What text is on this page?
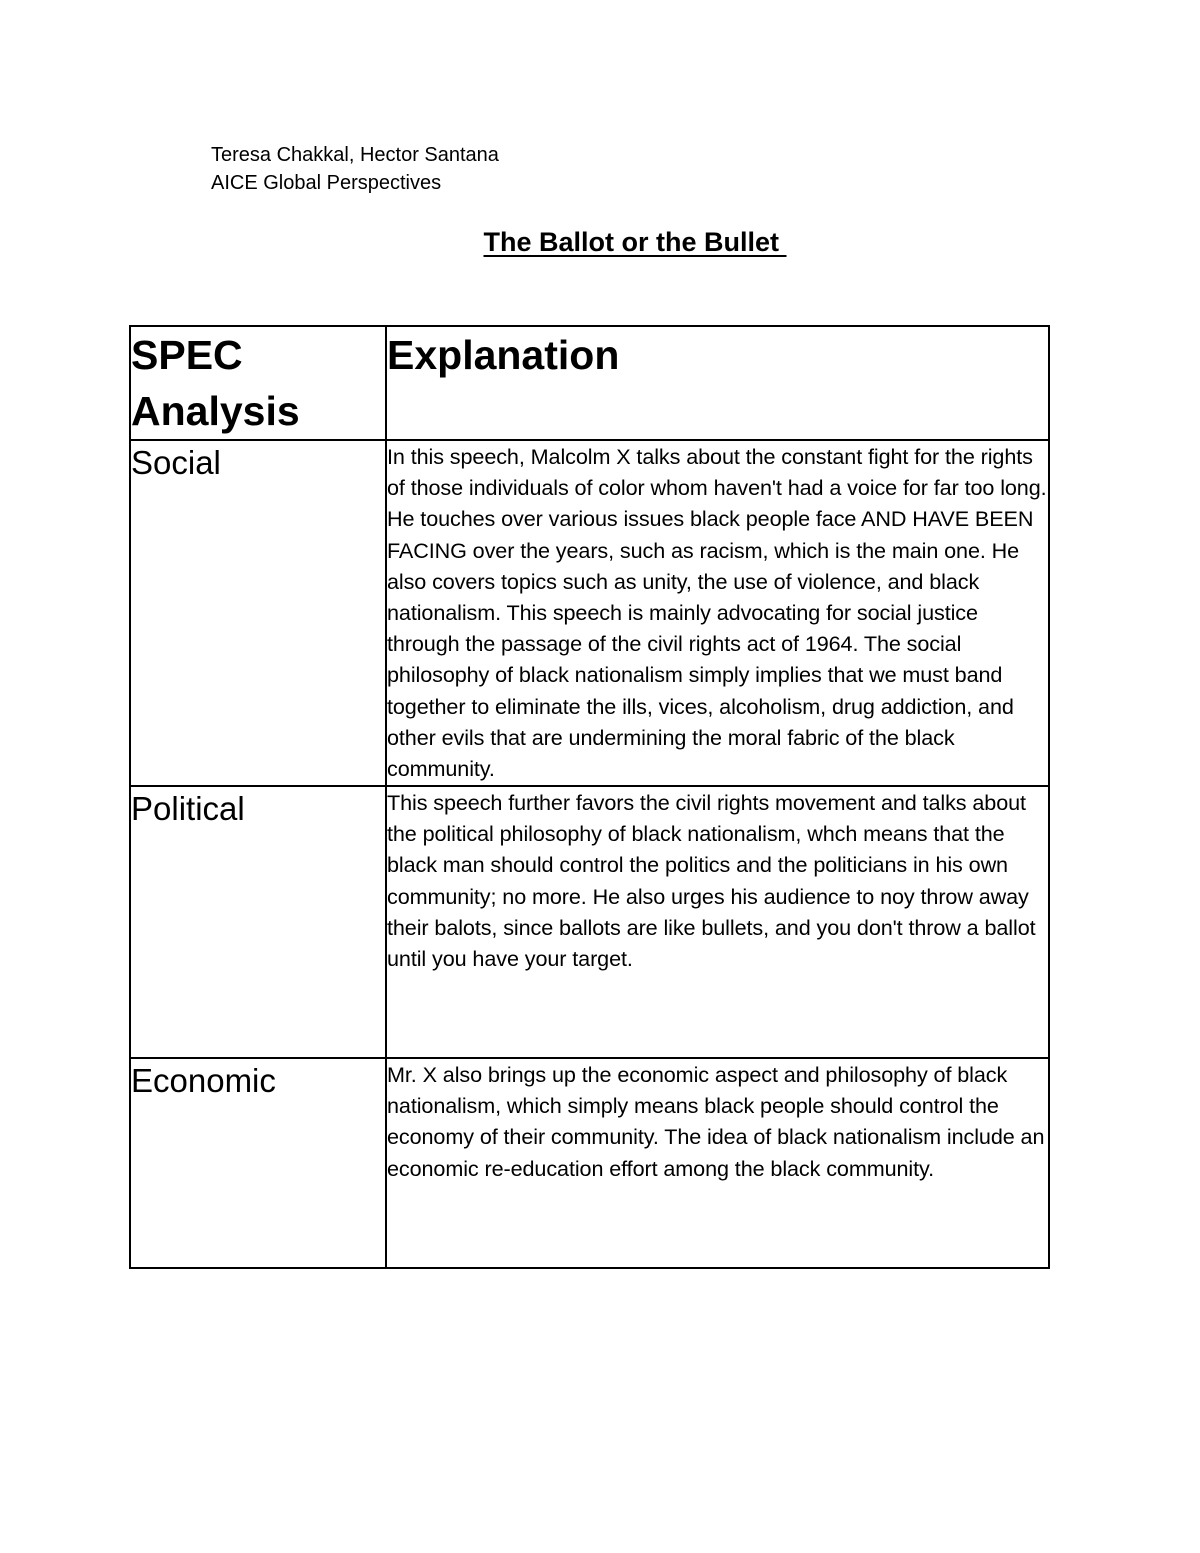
Teresa Chakkal, Hector Santana
AICE Global Perspectives
The Ballot or the Bullet
SPEC Analysis	Explanation
Social	In this speech, Malcolm X talks about the constant fight for the rights of those individuals of color whom haven't had a voice for far too long. He touches over various issues black people face AND HAVE BEEN FACING over the years, such as racism, which is the main one. He also covers topics such as unity, the use of violence, and black nationalism. This speech is mainly advocating for social justice through the passage of the civil rights act of 1964. The social philosophy of black nationalism simply implies that we must band together to eliminate the ills, vices, alcoholism, drug addiction, and other evils that are undermining the moral fabric of the black community.
Political	This speech further favors the civil rights movement and talks about the political philosophy of black nationalism, whch means that the black man should control the politics and the politicians in his own community; no more. He also urges his audience to noy throw away their balots, since ballots are like bullets, and you don't throw a ballot until you have your target.
Economic	Mr. X also brings up the economic aspect and philosophy of black nationalism, which simply means black people should control the economy of their community. The idea of black nationalism include an economic re-education effort among the black community.
